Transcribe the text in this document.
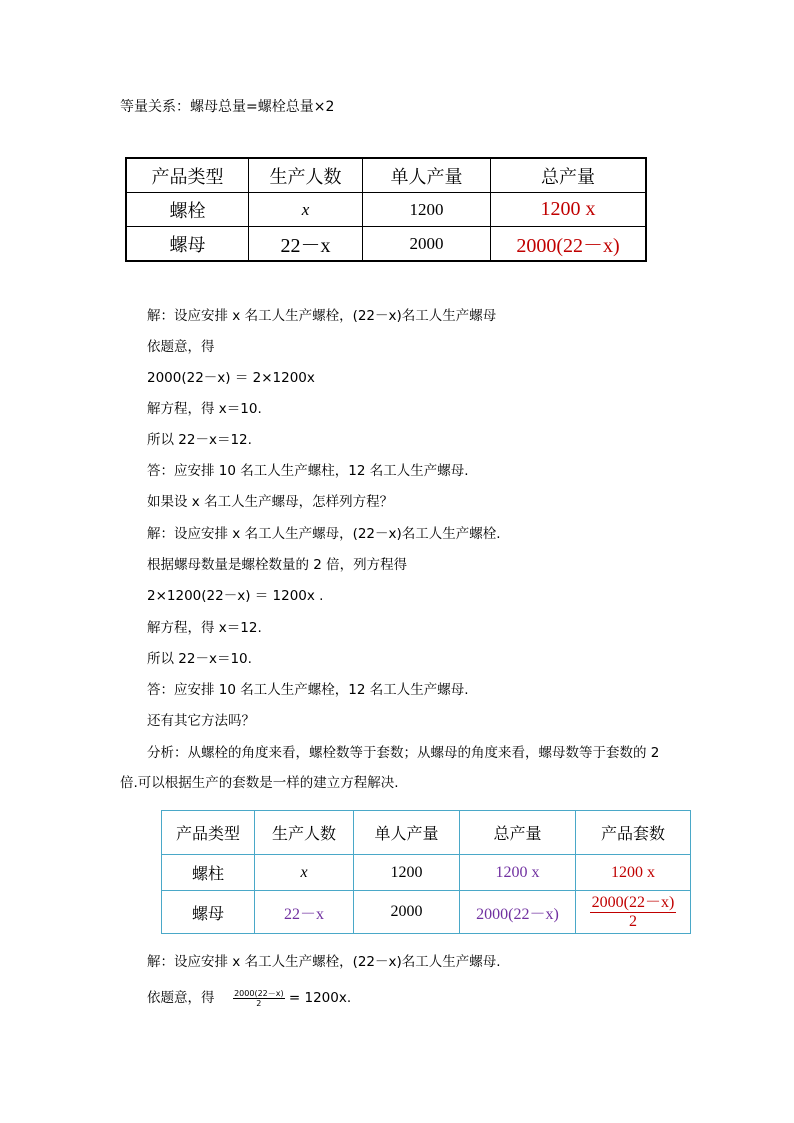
等量关系：螺母总量=螺栓总量×2
产品类型	生产人数	单人产量	总产量
螺栓	x	1200	1200 x
螺母	22－x	2000	2000(22－x)
解：设应安排 x 名工人生产螺栓，(22－x)名工人生产螺母
依题意，得
2000(22－x) ＝ 2×1200x
解方程，得 x＝10.
所以 22－x＝12.
答：应安排 10 名工人生产螺柱，12 名工人生产螺母.
如果设 x 名工人生产螺母，怎样列方程？
解：设应安排 x 名工人生产螺母，(22－x)名工人生产螺栓.
根据螺母数量是螺栓数量的 2 倍，列方程得
2×1200(22－x) ＝ 1200x .
解方程，得 x＝12.
所以 22－x＝10.
答：应安排 10 名工人生产螺栓，12 名工人生产螺母.
还有其它方法吗？
分析：从螺栓的角度来看，螺栓数等于套数；从螺母的角度来看，螺母数等于套数的 2
倍.可以根据生产的套数是一样的建立方程解决.
产品类型	生产人数	单人产量	总产量	产品套数
螺柱	x	1200	1200 x	1200 x
螺母	22－x	2000	2000(22－x)	$\frac{2000(22-x)}{2}$
解：设应安排 x 名工人生产螺栓，(22－x)名工人生产螺母.
依题意，得 $\frac{2000(22-x)}{2} = 1200x$.
